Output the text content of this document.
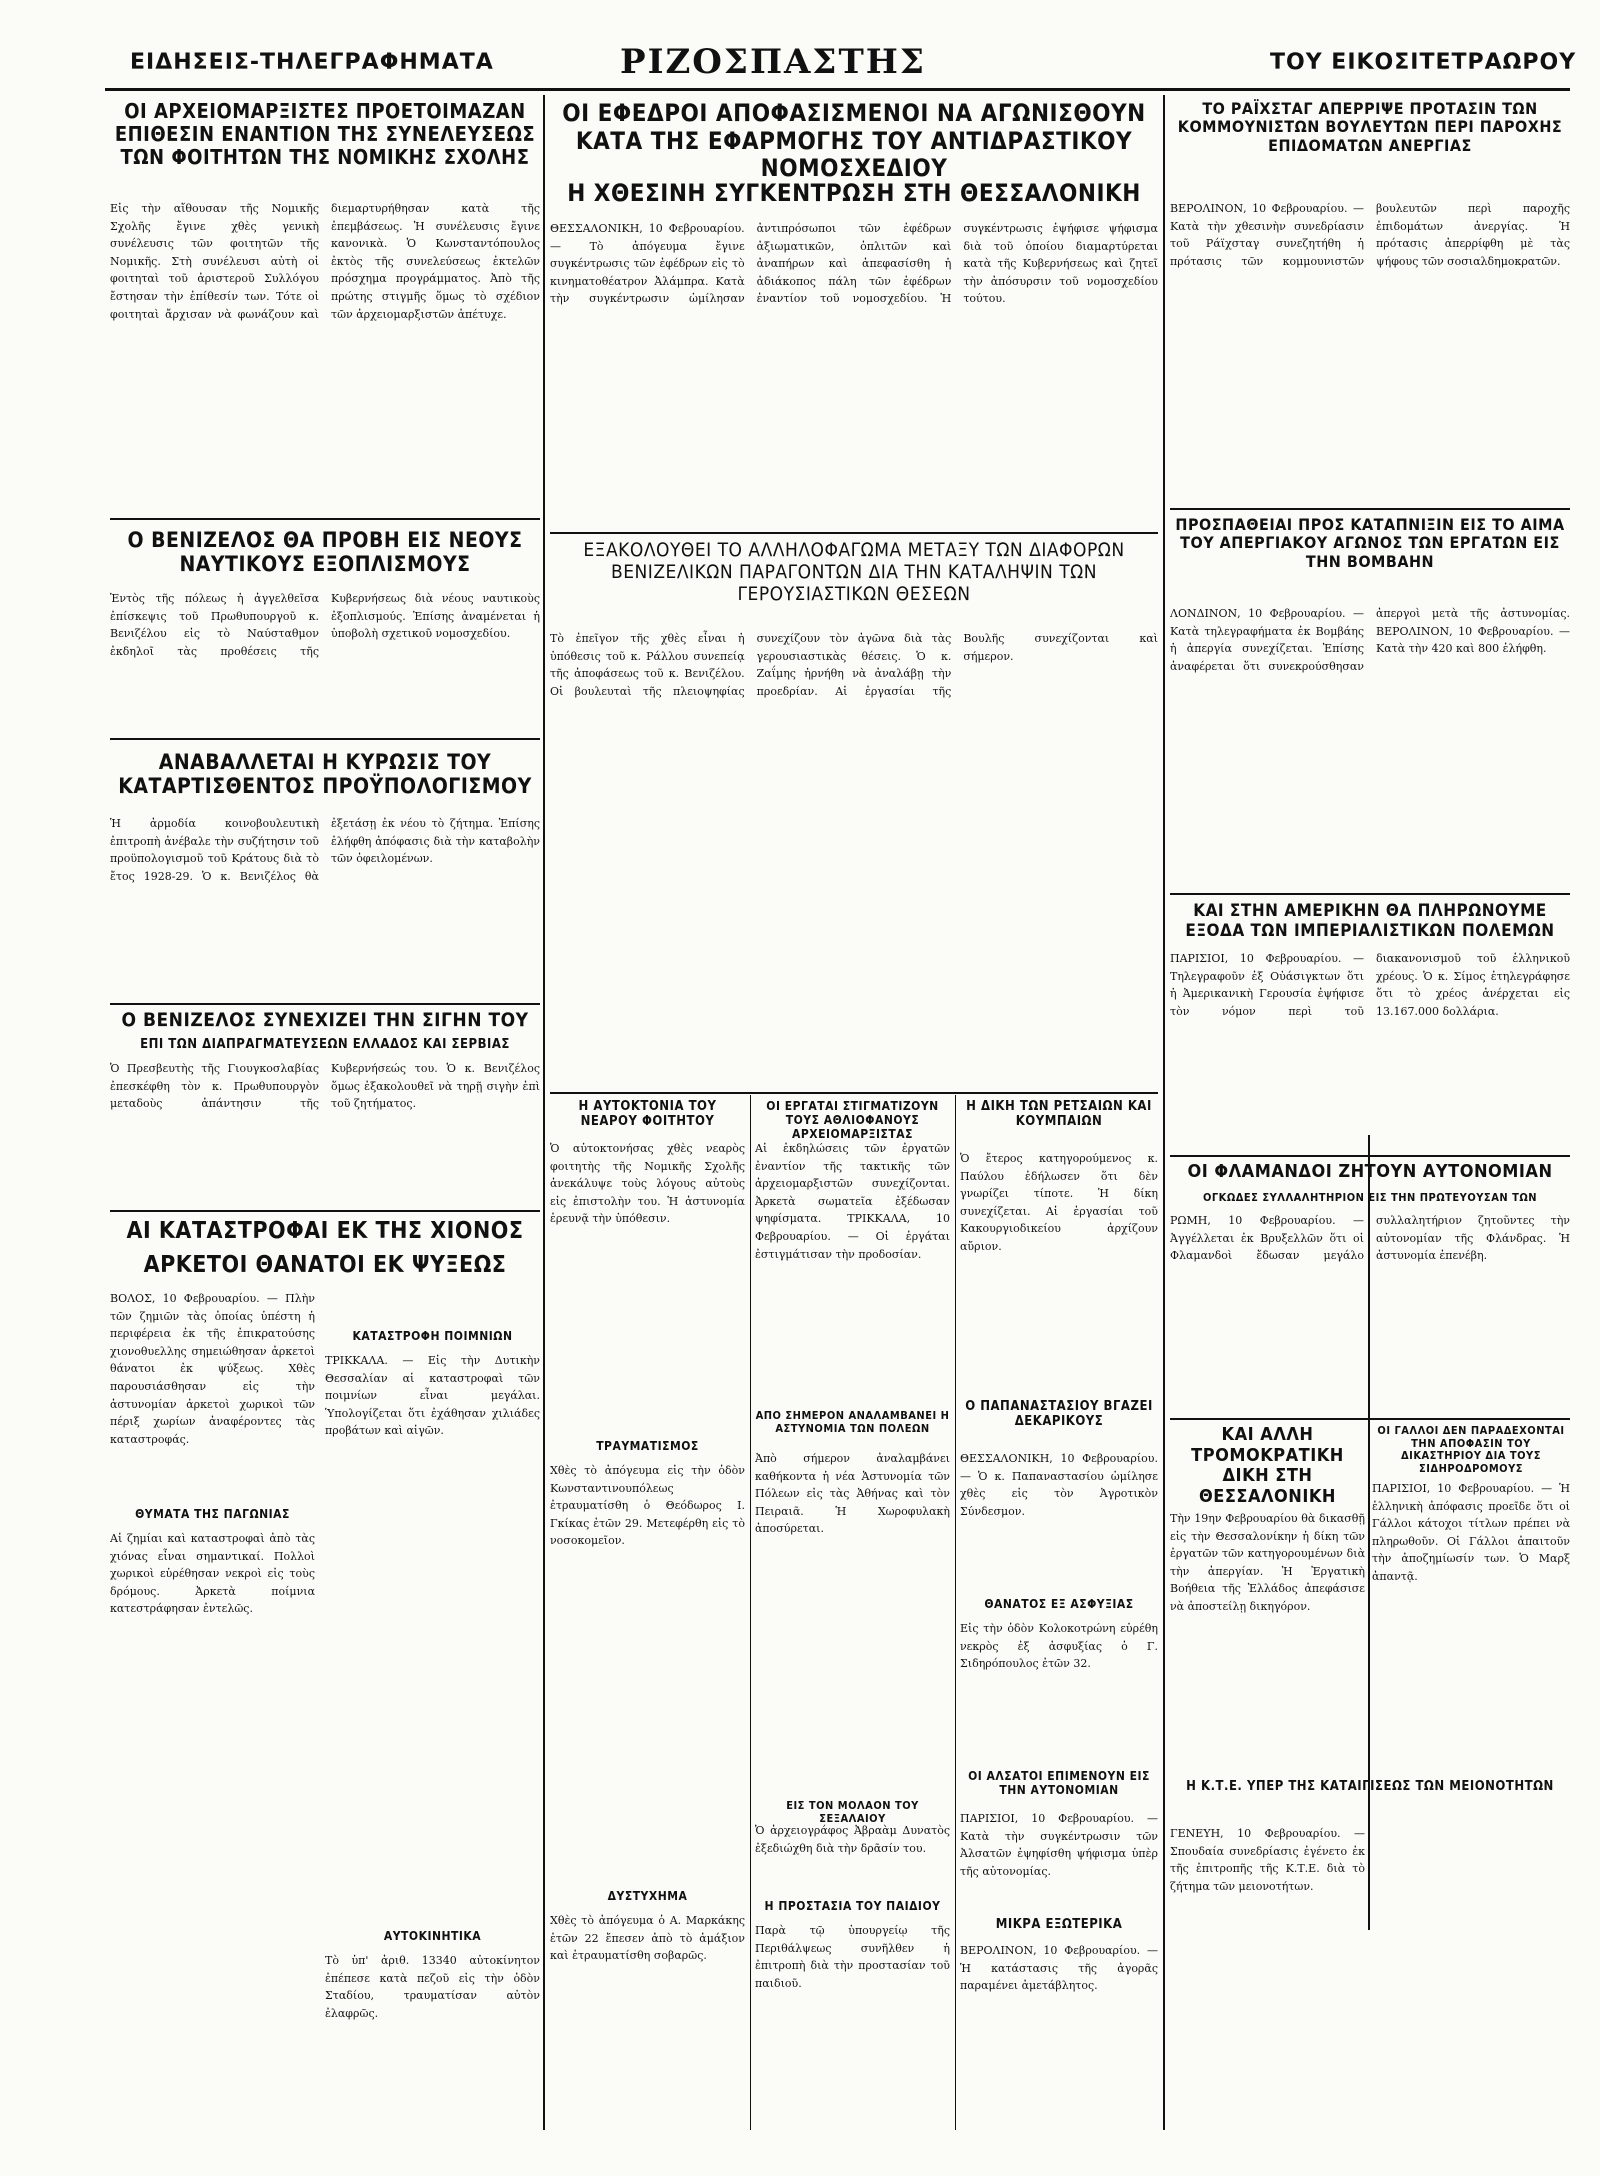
ΕΙΔΗΣΕΙΣ-ΤΗΛΕΓΡΑΦΗΜΑΤΑ	ΡΙΖΟΣΠΑΣΤΗΣ	ΤΟΥ ΕΙΚΟΣΙΤΕΤΡΑΩΡΟΥ
ΟΙ ΑΡΧΕΙΟΜΑΡΞΙΣΤΕΣ ΠΡΟΕΤΟΙΜΑΖΑΝ ΕΠΙΘΕΣΙΝ ΕΝΑΝΤΙΟΝ ΤΗΣ ΣΥΝΕΛΕΥΣΕΩΣ ΤΩΝ ΦΟΙΤΗΤΩΝ ΤΗΣ ΝΟΜΙΚΗΣ ΣΧΟΛΗΣ
Εἰς τὴν αἴθουσαν τῆς Νομικῆς Σχολῆς ἔγινε χθὲς γενικὴ συνέλευσις τῶν φοιτητῶν τῆς Νομικῆς. Στὴ συνέλευσι αὐτὴ οἱ φοιτηταὶ τοῦ ἀριστεροῦ Συλλόγου ἔστησαν τὴν ἐπίθεσίν των. Τότε οἱ φοιτηταὶ ἄρχισαν νὰ φωνάζουν καὶ διεμαρτυρήθησαν κατὰ τῆς ἐπεμβάσεως. Ἡ συνέλευσις ἔγινε κανονικὰ. Ὁ Κωνσταντόπουλος ἐκτὸς τῆς συνελεύσεως ἐκτελῶν πρόσχημα προγράμματος. Ἀπὸ τῆς πρώτης στιγμῆς ὅμως τὸ σχέδιον τῶν ἀρχειομαρξιστῶν ἀπέτυχε.
Ο ΒΕΝΙΖΕΛΟΣ ΘΑ ΠΡΟΒΗ ΕΙΣ ΝΕΟΥΣ ΝΑΥΤΙΚΟΥΣ ΕΞΟΠΛΙΣΜΟΥΣ
Ἐντὸς τῆς πόλεως ἡ ἀγγελθεῖσα ἐπίσκεψις τοῦ Πρωθυπουργοῦ κ. Βενιζέλου εἰς τὸ Ναύσταθμον ἐκδηλοῖ τὰς προθέσεις τῆς Κυβερνήσεως διὰ νέους ναυτικοὺς ἐξοπλισμούς. Ἐπίσης ἀναμένεται ἡ ὑποβολὴ σχετικοῦ νομοσχεδίου.
ΑΝΑΒΑΛΛΕΤΑΙ Η ΚΥΡΩΣΙΣ ΤΟΥ ΚΑΤΑΡΤΙΣΘΕΝΤΟΣ ΠΡΟΫΠΟΛΟΓΙΣΜΟΥ
Ἡ ἀρμοδία κοινοβουλευτικὴ ἐπιτροπὴ ἀνέβαλε τὴν συζήτησιν τοῦ προϋπολογισμοῦ τοῦ Κράτους διὰ τὸ ἔτος 1928-29. Ὁ κ. Βενιζέλος θὰ ἐξετάσῃ ἐκ νέου τὸ ζήτημα. Ἐπίσης ἐλήφθη ἀπόφασις διὰ τὴν καταβολὴν τῶν ὀφειλομένων.
Ο ΒΕΝΙΖΕΛΟΣ ΣΥΝΕΧΙΖΕΙ ΤΗΝ ΣΙΓΗΝ ΤΟΥ
ΕΠΙ ΤΩΝ ΔΙΑΠΡΑΓΜΑΤΕΥΣΕΩΝ ΕΛΛΑΔΟΣ ΚΑΙ ΣΕΡΒΙΑΣ
Ὁ Πρεσβευτὴς τῆς Γιουγκοσλαβίας ἐπεσκέφθη τὸν κ. Πρωθυπουργὸν μεταδοὺς ἀπάντησιν τῆς Κυβερνήσεώς του. Ὁ κ. Βενιζέλος ὅμως ἐξακολουθεῖ νὰ τηρῇ σιγὴν ἐπὶ τοῦ ζητήματος.
ΑΙ ΚΑΤΑΣΤΡΟΦΑΙ ΕΚ ΤΗΣ ΧΙΟΝΟΣ
ΑΡΚΕΤΟΙ ΘΑΝΑΤΟΙ ΕΚ ΨΥΞΕΩΣ
ΒΟΛΟΣ, 10 Φεβρουαρίου. — Πλὴν τῶν ζημιῶν τὰς ὁποίας ὑπέστη ἡ περιφέρεια ἐκ τῆς ἐπικρατούσης χιονοθυελλης σημειώθησαν ἀρκετοὶ θάνατοι ἐκ ψύξεως. Χθὲς παρουσιάσθησαν εἰς τὴν ἀστυνομίαν ἀρκετοὶ χωρικοὶ τῶν πέριξ χωρίων ἀναφέροντες τὰς καταστροφάς.
ΘΥΜΑΤΑ ΤΗΣ ΠΑΓΩΝΙΑΣ
Αἱ ζημίαι καὶ καταστροφαὶ ἀπὸ τὰς χιόνας εἶναι σημαντικαί. Πολλοὶ χωρικοὶ εὑρέθησαν νεκροὶ εἰς τοὺς δρόμους. Ἀρκετὰ ποίμνια κατεστράφησαν ἐντελῶς.
ΚΑΤΑΣΤΡΟΦΗ ΠΟΙΜΝΙΩΝ
ΤΡΙΚΚΑΛΑ. — Εἰς τὴν Δυτικὴν Θεσσαλίαν αἱ καταστροφαὶ τῶν ποιμνίων εἶναι μεγάλαι. Ὑπολογίζεται ὅτι ἐχάθησαν χιλιάδες προβάτων καὶ αἰγῶν.
ΑΥΤΟΚΙΝΗΤΙΚΑ
Τὸ ὑπ' ἀριθ. 13340 αὐτοκίνητον ἐπέπεσε κατὰ πεζοῦ εἰς τὴν ὁδὸν Σταδίου, τραυματίσαν αὐτὸν ἐλαφρῶς.
ΟΙ ΕΦΕΔΡΟΙ ΑΠΟΦΑΣΙΣΜΕΝΟΙ ΝΑ ΑΓΩΝΙΣΘΟΥΝ ΚΑΤΑ ΤΗΣ ΕΦΑΡΜΟΓΗΣ ΤΟΥ ΑΝΤΙΔΡΑΣΤΙΚΟΥ ΝΟΜΟΣΧΕΔΙΟΥ
Η ΧΘΕΣΙΝΗ ΣΥΓΚΕΝΤΡΩΣΗ ΣΤΗ ΘΕΣΣΑΛΟΝΙΚΗ
ΘΕΣΣΑΛΟΝΙΚΗ, 10 Φεβρουαρίου. — Τὸ ἀπόγευμα ἔγινε συγκέντρωσις τῶν ἐφέδρων εἰς τὸ κινηματοθέατρον Ἀλάμπρα. Κατὰ τὴν συγκέντρωσιν ὡμίλησαν ἀντιπρόσωποι τῶν ἐφέδρων ἀξιωματικῶν, ὁπλιτῶν καὶ ἀναπήρων καὶ ἀπεφασίσθη ἡ ἀδιάκοπος πάλη τῶν ἐφέδρων ἐναντίον τοῦ νομοσχεδίου. Ἡ συγκέντρωσις ἐψήφισε ψήφισμα διὰ τοῦ ὁποίου διαμαρτύρεται κατὰ τῆς Κυβερνήσεως καὶ ζητεῖ τὴν ἀπόσυρσιν τοῦ νομοσχεδίου τούτου.
ΕΞΑΚΟΛΟΥΘΕΙ ΤΟ ΑΛΛΗΛΟΦΑΓΩΜΑ ΜΕΤΑΞΥ ΤΩΝ ΔΙΑΦΟΡΩΝ ΒΕΝΙΖΕΛΙΚΩΝ ΠΑΡΑΓΟΝΤΩΝ ΔΙΑ ΤΗΝ ΚΑΤΑΛΗΨΙΝ ΤΩΝ ΓΕΡΟΥΣΙΑΣΤΙΚΩΝ ΘΕΣΕΩΝ
Τὸ ἐπεῖγον τῆς χθὲς εἶναι ἡ ὑπόθεσις τοῦ κ. Ράλλου συνεπείᾳ τῆς ἀποφάσεως τοῦ κ. Βενιζέλου. Οἱ βουλευταὶ τῆς πλειοψηφίας συνεχίζουν τὸν ἀγῶνα διὰ τὰς γερουσιαστικὰς θέσεις. Ὁ κ. Ζαΐμης ἠρνήθη νὰ ἀναλάβῃ τὴν προεδρίαν. Αἱ ἐργασίαι τῆς Βουλῆς συνεχίζονται καὶ σήμερον.
Η ΑΥΤΟΚΤΟΝΙΑ ΤΟΥ ΝΕΑΡΟΥ ΦΟΙΤΗΤΟΥ
Ὁ αὐτοκτονήσας χθὲς νεαρὸς φοιτητὴς τῆς Νομικῆς Σχολῆς ἀνεκάλυψε τοὺς λόγους αὐτοὺς εἰς ἐπιστολὴν του. Ἡ ἀστυνομία ἐρευνᾷ τὴν ὑπόθεσιν.
ΤΡΑΥΜΑΤΙΣΜΟΣ
Χθὲς τὸ ἀπόγευμα εἰς τὴν ὁδὸν Κωνσταντινουπόλεως ἐτραυματίσθη ὁ Θεόδωρος Ι. Γκίκας ἐτῶν 29. Μετεφέρθη εἰς τὸ νοσοκομεῖον.
ΔΥΣΤΥΧΗΜΑ
Χθὲς τὸ ἀπόγευμα ὁ Α. Μαρκάκης ἐτῶν 22 ἔπεσεν ἀπὸ τὸ ἀμάξιον καὶ ἐτραυματίσθη σοβαρῶς.
ΟΙ ΕΡΓΑΤΑΙ ΣΤΙΓΜΑΤΙΖΟΥΝ ΤΟΥΣ ΑΘΛΙΟΦΑΝΟΥΣ ΑΡΧΕΙΟΜΑΡΞΙΣΤΑΣ
Αἱ ἐκδηλώσεις τῶν ἐργατῶν ἐναντίον τῆς τακτικῆς τῶν ἀρχειομαρξιστῶν συνεχίζονται. Ἀρκετὰ σωματεῖα ἐξέδωσαν ψηφίσματα. ΤΡΙΚΚΑΛΑ, 10 Φεβρουαρίου. — Οἱ ἐργάται ἐστιγμάτισαν τὴν προδοσίαν.
ΑΠΟ ΣΗΜΕΡΟΝ ΑΝΑΛΑΜΒΑΝΕΙ Η ΑΣΤΥΝΟΜΙΑ ΤΩΝ ΠΟΛΕΩΝ
Ἀπὸ σήμερον ἀναλαμβάνει καθήκοντα ἡ νέα Ἀστυνομία τῶν Πόλεων εἰς τὰς Ἀθήνας καὶ τὸν Πειραιᾶ. Ἡ Χωροφυλακὴ ἀποσύρεται.
ΕΙΣ ΤΟΝ ΜΟΛΑΟΝ ΤΟΥ ΣΕΞΑΛΑΙΟΥ
Ὁ ἀρχειογράφος Ἀβραὰμ Δυνατὸς ἐξεδιώχθη διὰ τὴν δρᾶσίν του.
Η ΠΡΟΣΤΑΣΙΑ ΤΟΥ ΠΑΙΔΙΟΥ
Παρὰ τῷ ὑπουργείῳ τῆς Περιθάλψεως συνῆλθεν ἡ ἐπιτροπὴ διὰ τὴν προστασίαν τοῦ παιδιοῦ.
Η ΔΙΚΗ ΤΩΝ ΡΕΤΣΑΙΩΝ ΚΑΙ ΚΟΥΜΠΑΙΩΝ
Ὁ ἔτερος κατηγορούμενος κ. Παύλου ἐδήλωσεν ὅτι δὲν γνωρίζει τίποτε. Ἡ δίκη συνεχίζεται. Αἱ ἐργασίαι τοῦ Κακουργιοδικείου ἀρχίζουν αὔριον.
Ο ΠΑΠΑΝΑΣΤΑΣΙΟΥ ΒΓΑΖΕΙ ΔΕΚΑΡΙΚΟΥΣ
ΘΕΣΣΑΛΟΝΙΚΗ, 10 Φεβρουαρίου. — Ὁ κ. Παπαναστασίου ὡμίλησε χθὲς εἰς τὸν Ἀγροτικὸν Σύνδεσμον.
ΘΑΝΑΤΟΣ ΕΞ ΑΣΦΥΞΙΑΣ
Εἰς τὴν ὁδὸν Κολοκοτρώνη εὑρέθη νεκρὸς ἐξ ἀσφυξίας ὁ Γ. Σιδηρόπουλος ἐτῶν 32.
ΟΙ ΑΛΣΑΤΟΙ ΕΠΙΜΕΝΟΥΝ ΕΙΣ ΤΗΝ ΑΥΤΟΝΟΜΙΑΝ
ΠΑΡΙΣΙΟΙ, 10 Φεβρουαρίου. — Κατὰ τὴν συγκέντρωσιν τῶν Ἀλσατῶν ἐψηφίσθη ψήφισμα ὑπὲρ τῆς αὐτονομίας.
ΜΙΚΡΑ ΕΞΩΤΕΡΙΚΑ
ΒΕΡΟΛΙΝΟΝ, 10 Φεβρουαρίου. — Ἡ κατάστασις τῆς ἀγορᾶς παραμένει ἀμετάβλητος.
ΤΟ ΡΑΪΧΣΤΑΓ ΑΠΕΡΡΙΨΕ ΠΡΟΤΑΣΙΝ ΤΩΝ ΚΟΜΜΟΥΝΙΣΤΩΝ ΒΟΥΛΕΥΤΩΝ ΠΕΡΙ ΠΑΡΟΧΗΣ ΕΠΙΔΟΜΑΤΩΝ ΑΝΕΡΓΙΑΣ
ΒΕΡΟΛΙΝΟΝ, 10 Φεβρουαρίου. — Κατὰ τὴν χθεσινὴν συνεδρίασιν τοῦ Ράϊχσταγ συνεζητήθη ἡ πρότασις τῶν κομμουνιστῶν βουλευτῶν περὶ παροχῆς ἐπιδομάτων ἀνεργίας. Ἡ πρότασις ἀπερρίφθη μὲ τὰς ψήφους τῶν σοσιαλδημοκρατῶν.
ΠΡΟΣΠΑΘΕΙΑΙ ΠΡΟΣ ΚΑΤΑΠΝΙΞΙΝ ΕΙΣ ΤΟ ΑΙΜΑ ΤΟΥ ΑΠΕΡΓΙΑΚΟΥ ΑΓΩΝΟΣ ΤΩΝ ΕΡΓΑΤΩΝ ΕΙΣ ΤΗΝ ΒΟΜΒΑΗΝ
ΛΟΝΔΙΝΟΝ, 10 Φεβρουαρίου. — Κατὰ τηλεγραφήματα ἐκ Βομβάης ἡ ἀπεργία συνεχίζεται. Ἐπίσης ἀναφέρεται ὅτι συνεκρούσθησαν ἀπεργοὶ μετὰ τῆς ἀστυνομίας. ΒΕΡΟΛΙΝΟΝ, 10 Φεβρουαρίου. — Κατὰ τὴν 420 καὶ 800 ἐλήφθη.
ΚΑΙ ΣΤΗΝ ΑΜΕΡΙΚΗΝ ΘΑ ΠΛΗΡΩΝΟΥΜΕ ΕΞΟΔΑ ΤΩΝ ΙΜΠΕΡΙΑΛΙΣΤΙΚΩΝ ΠΟΛΕΜΩΝ
ΠΑΡΙΣΙΟΙ, 10 Φεβρουαρίου. — Τηλεγραφοῦν ἐξ Οὐάσιγκτων ὅτι ἡ Ἀμερικανικὴ Γερουσία ἐψήφισε τὸν νόμον περὶ τοῦ διακανονισμοῦ τοῦ ἑλληνικοῦ χρέους. Ὁ κ. Σίμος ἐτηλεγράφησε ὅτι τὸ χρέος ἀνέρχεται εἰς 13.167.000 δολλάρια.
ΟΙ ΦΛΑΜΑΝΔΟΙ ΖΗΤΟΥΝ ΑΥΤΟΝΟΜΙΑΝ
ΟΓΚΩΔΕΣ ΣΥΛΛΑΛΗΤΗΡΙΟΝ ΕΙΣ ΤΗΝ ΠΡΩΤΕΥΟΥΣΑΝ ΤΩΝ
ΡΩΜΗ, 10 Φεβρουαρίου. — Ἀγγέλλεται ἐκ Βρυξελλῶν ὅτι οἱ Φλαμανδοὶ ἔδωσαν μεγάλο συλλαλητήριον ζητοῦντες τὴν αὐτονομίαν τῆς Φλάνδρας. Ἡ ἀστυνομία ἐπενέβη.
ΚΑΙ ΑΛΛΗ ΤΡΟΜΟΚΡΑΤΙΚΗ ΔΙΚΗ ΣΤΗ ΘΕΣΣΑΛΟΝΙΚΗ
Τὴν 19ην Φεβρουαρίου θὰ δικασθῇ εἰς τὴν Θεσσαλονίκην ἡ δίκη τῶν ἐργατῶν τῶν κατηγορουμένων διὰ τὴν ἀπεργίαν. Ἡ Ἐργατικὴ Βοήθεια τῆς Ἑλλάδος ἀπεφάσισε νὰ ἀποστείλῃ δικηγόρον.
Η Κ.Τ.Ε. ΥΠΕΡ ΤΗΣ ΚΑΤΑΙΓΙΣΕΩΣ ΤΩΝ ΜΕΙΟΝΟΤΗΤΩΝ
ΓΕΝΕΥΗ, 10 Φεβρουαρίου. — Σπουδαία συνεδρίασις ἐγένετο ἐκ τῆς ἐπιτροπῆς τῆς Κ.Τ.Ε. διὰ τὸ ζήτημα τῶν μειονοτήτων.
ΟΙ ΓΑΛΛΟΙ ΔΕΝ ΠΑΡΑΔΕΧΟΝΤΑΙ ΤΗΝ ΑΠΟΦΑΣΙΝ ΤΟΥ ΔΙΚΑΣΤΗΡΙΟΥ ΔΙΑ ΤΟΥΣ ΣΙΔΗΡΟΔΡΟΜΟΥΣ
ΠΑΡΙΣΙΟΙ, 10 Φεβρουαρίου. — Ἡ ἑλληνικὴ ἀπόφασις προεῖδε ὅτι οἱ Γάλλοι κάτοχοι τίτλων πρέπει νὰ πληρωθοῦν. Οἱ Γάλλοι ἀπαιτοῦν τὴν ἀποζημίωσίν των. Ὁ Μαρξ ἀπαντᾷ.
